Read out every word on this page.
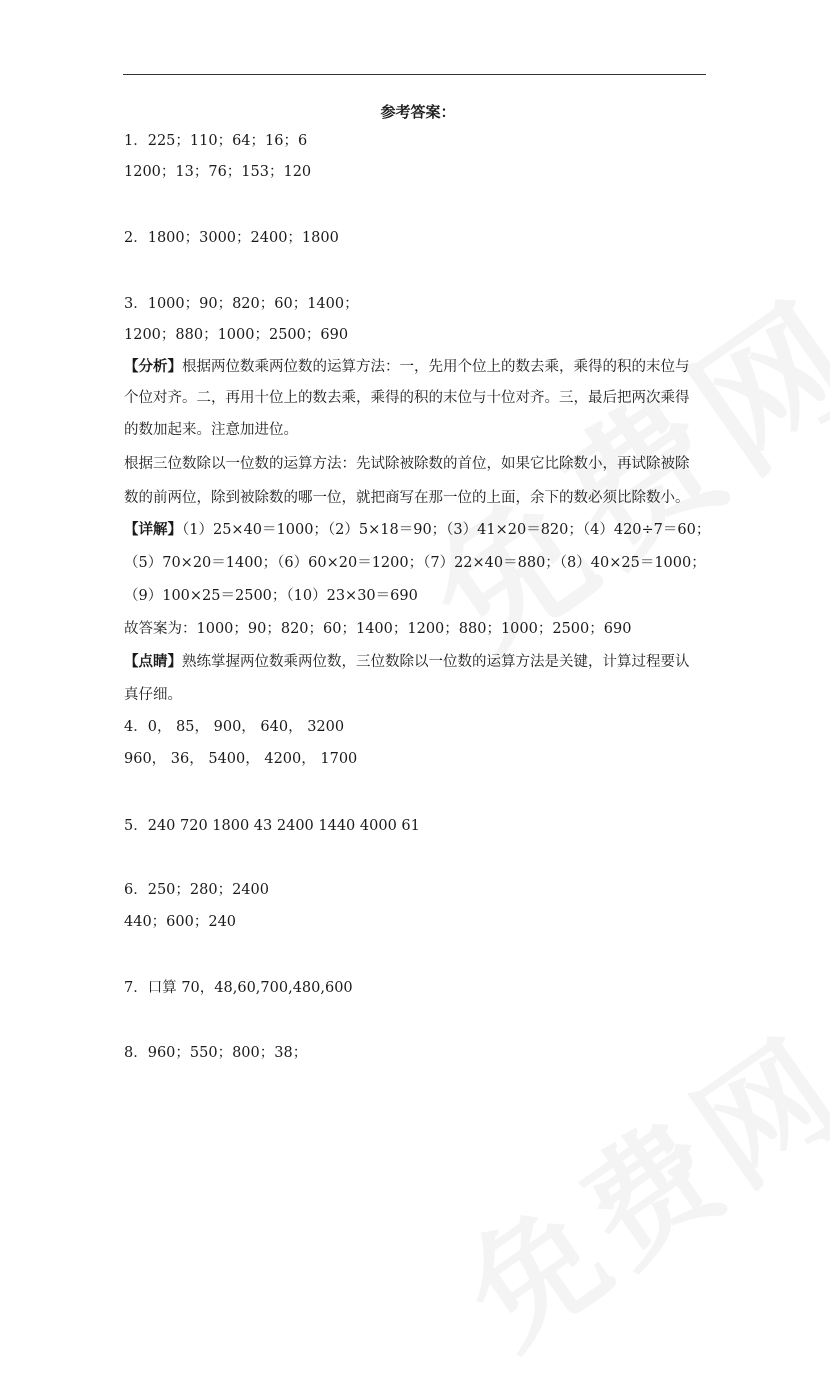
参考答案：
1．225；110；64；16；6
1200；13；76；153；120
2．1800；3000；2400；1800
3．1000；90；820；60；1400；
1200；880；1000；2500；690
【分析】根据两位数乘两位数的运算方法：一，先用个位上的数去乘，乘得的积的末位与
个位对齐。二，再用十位上的数去乘，乘得的积的末位与十位对齐。三，最后把两次乘得
的数加起来。注意加进位。
根据三位数除以一位数的运算方法：先试除被除数的首位，如果它比除数小，再试除被除
数的前两位，除到被除数的哪一位，就把商写在那一位的上面，余下的数必须比除数小。
【详解】（1）25×40＝1000；（2）5×18＝90；（3）41×20＝820；（4）420÷7＝60；
（5）70×20＝1400；（6）60×20＝1200；（7）22×40＝880；（8）40×25＝1000；
（9）100×25＝2500；（10）23×30＝690
故答案为：1000；90；820；60；1400；1200；880；1000；2500；690
【点睛】熟练掌握两位数乘两位数，三位数除以一位数的运算方法是关键，计算过程要认
真仔细。
4．0， 85， 900， 640， 3200
960， 36， 5400， 4200， 1700
5．240 720 1800 43 2400 1440 4000 61
6．250；280；2400
440；600；240
7．口算 70，48,60,700,480,600
8．960；550；800；38；
